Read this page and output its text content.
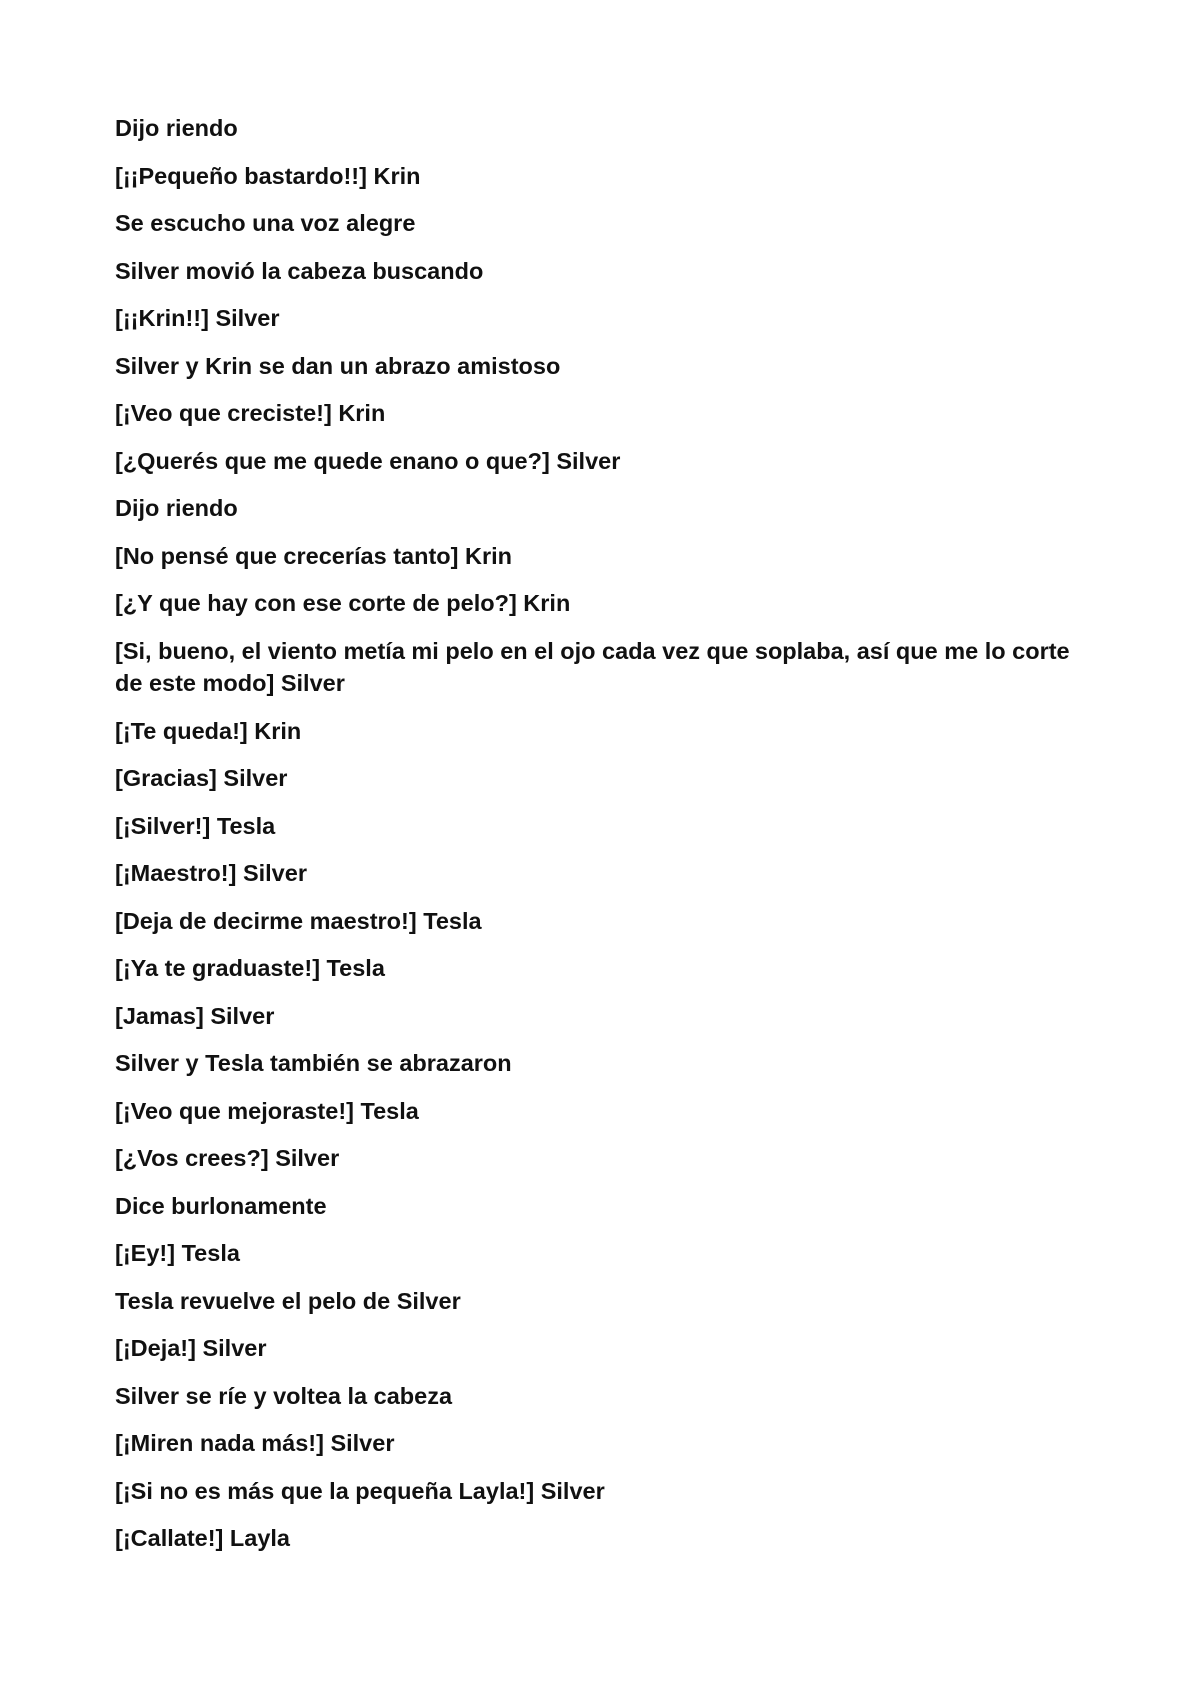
Dijo riendo

[¡¡Pequeño bastardo!!] Krin

Se escucho una voz alegre

Silver movió la cabeza buscando

[¡¡Krin!!] Silver

Silver y Krin se dan un abrazo amistoso

[¡Veo que creciste!] Krin

[¿Querés que me quede enano o que?] Silver

Dijo riendo

[No pensé que crecerías tanto] Krin

[¿Y que hay con ese corte de pelo?] Krin

[Si, bueno, el viento metía mi pelo en el ojo cada vez que soplaba, así que me lo corte de este modo] Silver

[¡Te queda!] Krin

[Gracias] Silver

[¡Silver!] Tesla

[¡Maestro!] Silver

[Deja de decirme maestro!] Tesla

[¡Ya te graduaste!] Tesla

[Jamas] Silver

Silver y Tesla también se abrazaron

[¡Veo que mejoraste!] Tesla

[¿Vos crees?] Silver

Dice burlonamente

[¡Ey!] Tesla

Tesla revuelve el pelo de Silver

[¡Deja!] Silver

Silver se ríe y voltea la cabeza

[¡Miren nada más!] Silver

[¡Si no es más que la pequeña Layla!] Silver

[¡Callate!] Layla
